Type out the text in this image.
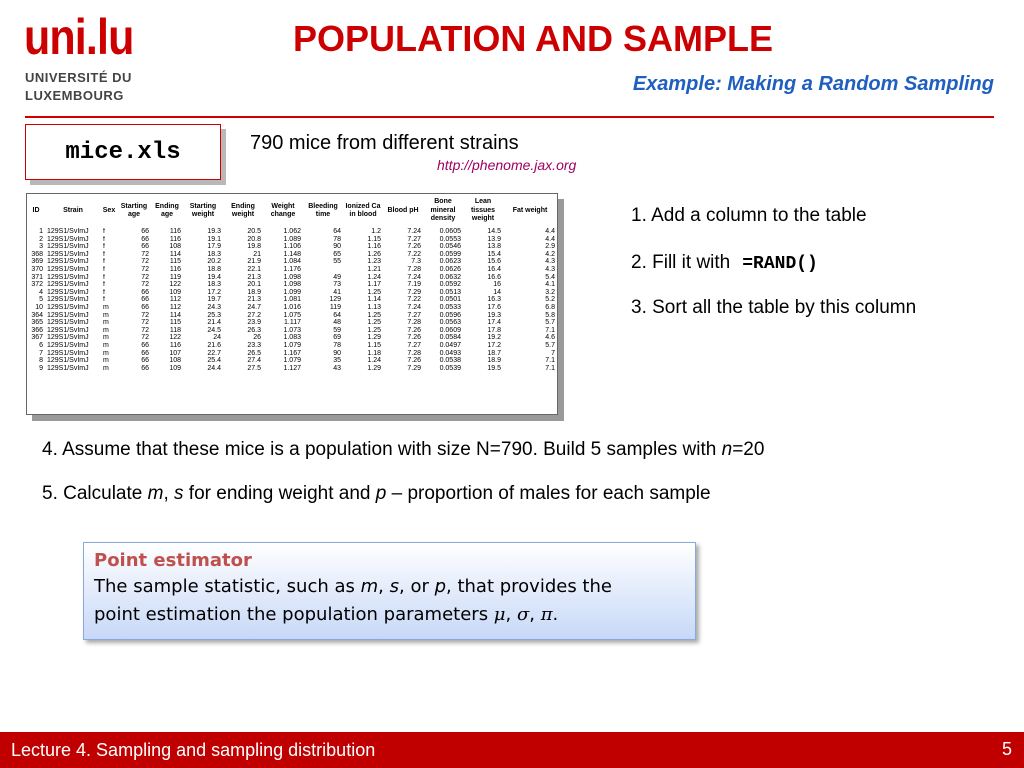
uni.lu
UNIVERSITÉ DU
LUXEMBOURG
POPULATION AND SAMPLE
Example: Making a Random Sampling
mice.xls	790 mice from different strains
http://phenome.jax.org
ID	Strain	Sex	Starting age	Ending age	Starting weight	Ending weight	Weight change	Bleeding time	Ionized Ca in blood	Blood pH	Bone mineral density	Lean tissues weight	Fat weight
1	129S1/SvImJ	f	66	116	19.3	20.5	1.062	64	1.2	7.24	0.0605	14.5	4.4
2	129S1/SvImJ	f	66	116	19.1	20.8	1.089	78	1.15	7.27	0.0553	13.9	4.4
3	129S1/SvImJ	f	66	108	17.9	19.8	1.106	90	1.16	7.26	0.0546	13.8	2.9
368	129S1/SvImJ	f	72	114	18.3	21	1.148	65	1.26	7.22	0.0599	15.4	4.2
369	129S1/SvImJ	f	72	115	20.2	21.9	1.084	55	1.23	7.3	0.0623	15.6	4.3
370	129S1/SvImJ	f	72	116	18.8	22.1	1.176		1.21	7.28	0.0626	16.4	4.3
371	129S1/SvImJ	f	72	119	19.4	21.3	1.098	49	1.24	7.24	0.0632	16.6	5.4
372	129S1/SvImJ	f	72	122	18.3	20.1	1.098	73	1.17	7.19	0.0592	16	4.1
4	129S1/SvImJ	f	66	109	17.2	18.9	1.099	41	1.25	7.29	0.0513	14	3.2
5	129S1/SvImJ	f	66	112	19.7	21.3	1.081	129	1.14	7.22	0.0501	16.3	5.2
10	129S1/SvImJ	m	66	112	24.3	24.7	1.016	119	1.13	7.24	0.0533	17.6	6.8
364	129S1/SvImJ	m	72	114	25.3	27.2	1.075	64	1.25	7.27	0.0596	19.3	5.8
365	129S1/SvImJ	m	72	115	21.4	23.9	1.117	48	1.25	7.28	0.0563	17.4	5.7
366	129S1/SvImJ	m	72	118	24.5	26.3	1.073	59	1.25	7.26	0.0609	17.8	7.1
367	129S1/SvImJ	m	72	122	24	26	1.083	69	1.29	7.26	0.0584	19.2	4.6
6	129S1/SvImJ	m	66	116	21.6	23.3	1.079	78	1.15	7.27	0.0497	17.2	5.7
7	129S1/SvImJ	m	66	107	22.7	26.5	1.167	90	1.18	7.28	0.0493	18.7	7
8	129S1/SvImJ	m	66	108	25.4	27.4	1.079	35	1.24	7.26	0.0538	18.9	7.1
9	129S1/SvImJ	m	66	109	24.4	27.5	1.127	43	1.29	7.29	0.0539	19.5	7.1
1. Add a column to the table
2. Fill it with =RAND()
3. Sort all the table by this column
4. Assume that these mice is a population with size N=790. Build 5 samples with n=20
5. Calculate m, s for ending weight and p – proportion of males for each sample
Point estimator
The sample statistic, such as m, s, or p, that provides the
point estimation the population parameters μ, σ, π.
Lecture 4. Sampling and sampling distribution	5
